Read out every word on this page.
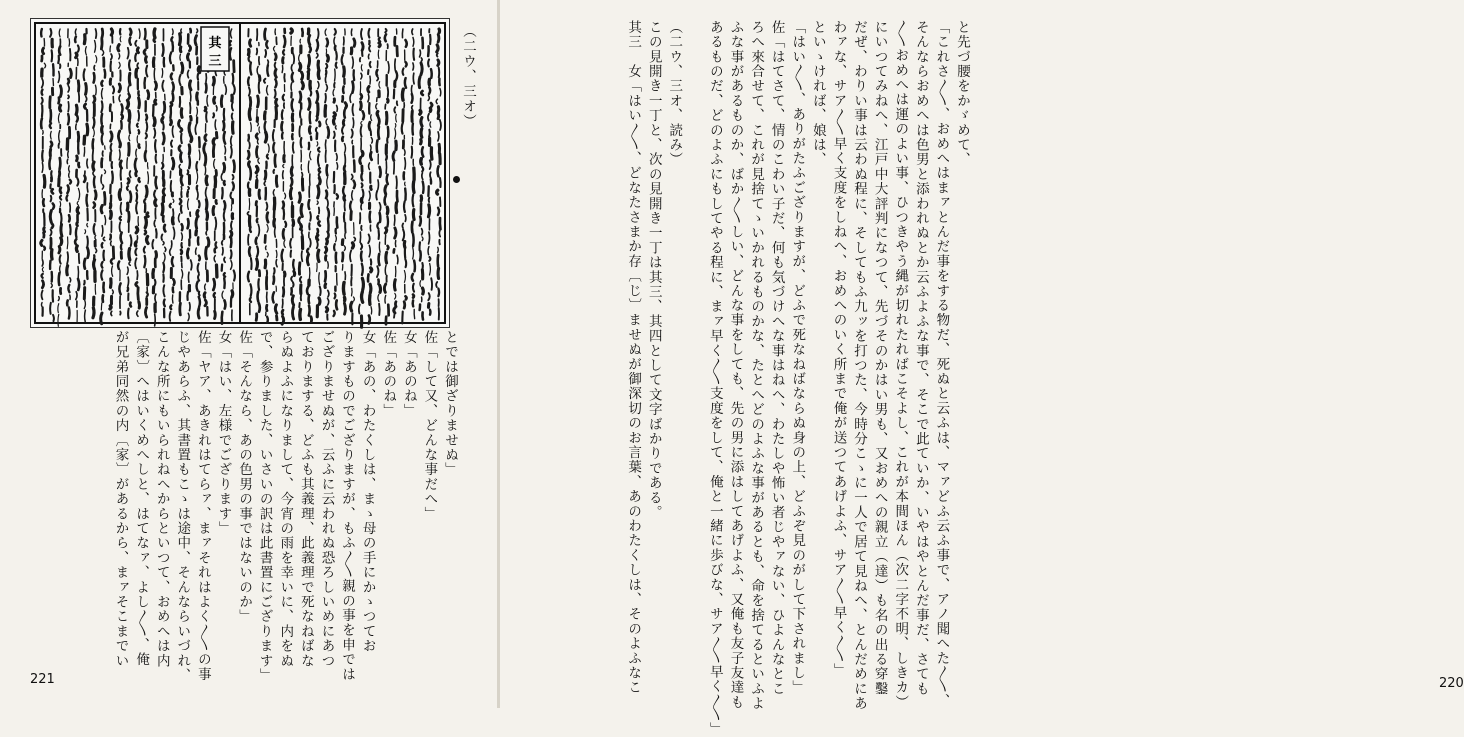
其
三	（二ウ、三オ）
とでは御ざりませぬ」
佐「して又、どんな事だへ」
女「あのね」
佐「あのね」
女「あの、わたくしは、まゝ母の手にかゝつてお
りますものでござりますが、もふ〳〵親の事を申では
ござりませぬが、云ふに云われぬ恐ろしいめにあつ
ておりまする、どふも其義理、此義理で死なねばな
らぬよふになりまして、今宵の雨を幸いに、内をぬ
で、参りました、いさいの訳は此書置にござります」
佐「そんなら、あの色男の事ではないのか」
女「はい、左様でござります」
佐「ヤア、あきれはてらァ、まァそれはよく〳〵の事
じやあらふ、其書置もこゝは途中、そんならいづれ、
こんな所にもいられねへからといつて、おめへは内
〔家〕へはいくめへしと、はてなァ、よし〳〵、俺
が兄弟同然の内〔家〕があるから、まァそこまでい
221
と先づ腰をかゞめて、
「これさ〳〵、おめへはまァとんだ事をする物だ、死ぬと云ふは、マァどふ云ふ事で、アノ聞へた〳〵、
そんならおめへは色男と添われぬとか云ふよふな事で、そこで此ていか、いやはやとんだ事だ、さても
〳〵おめへは運のよい事、ひつきやう縄が切れたればこそよし、これが本間ほん（次二字不明、しきカ）
にいつてみねへ、江戸中大評判になつて、先づそのかはい男も、又おめへの親立（達）も名の出る穿鑿
だぜ、わりい事は云わぬ程に、そしてもふ九ッを打つた、今時分こゝに一人で居て見ねへ、とんだめにあ
わァな、サア〳〵早く支度をしねへ、おめへのいく所まで俺が送つてあげよふ、サア〳〵早く〳〵」
といゝければ、娘は、
「はい〳〵、ありがたふござりますが、どふで死なねばならぬ身の上、どふぞ見のがして下されまし」
佐「はてさて、情のこわい子だ、何も気づけへな事はねへ、わたしや怖い者じやァない、ひよんなとこ
ろへ來合せて、これが見捨てゝいかれるものかな、たとへどのよふな事があるとも、命を捨てるといふよ
ふな事があるものか、ばか〳〵しい、どんな事をしても、先の男に添はしてあげよふ、又俺も友子友達も
あるものだ、どのよふにもしてやる程に、まァ早く〳〵支度をして、俺と一緒に歩びな、サア〳〵早く〳〵」
（二ウ、三オ、読み）
この見開き一丁と、次の見開き一丁は其三、其四として文字ばかりである。
其三　女「はい〳〵、どなたさまか存〔じ〕ませぬが御深切のお言葉、あのわたくしは、そのよふなこ	220
